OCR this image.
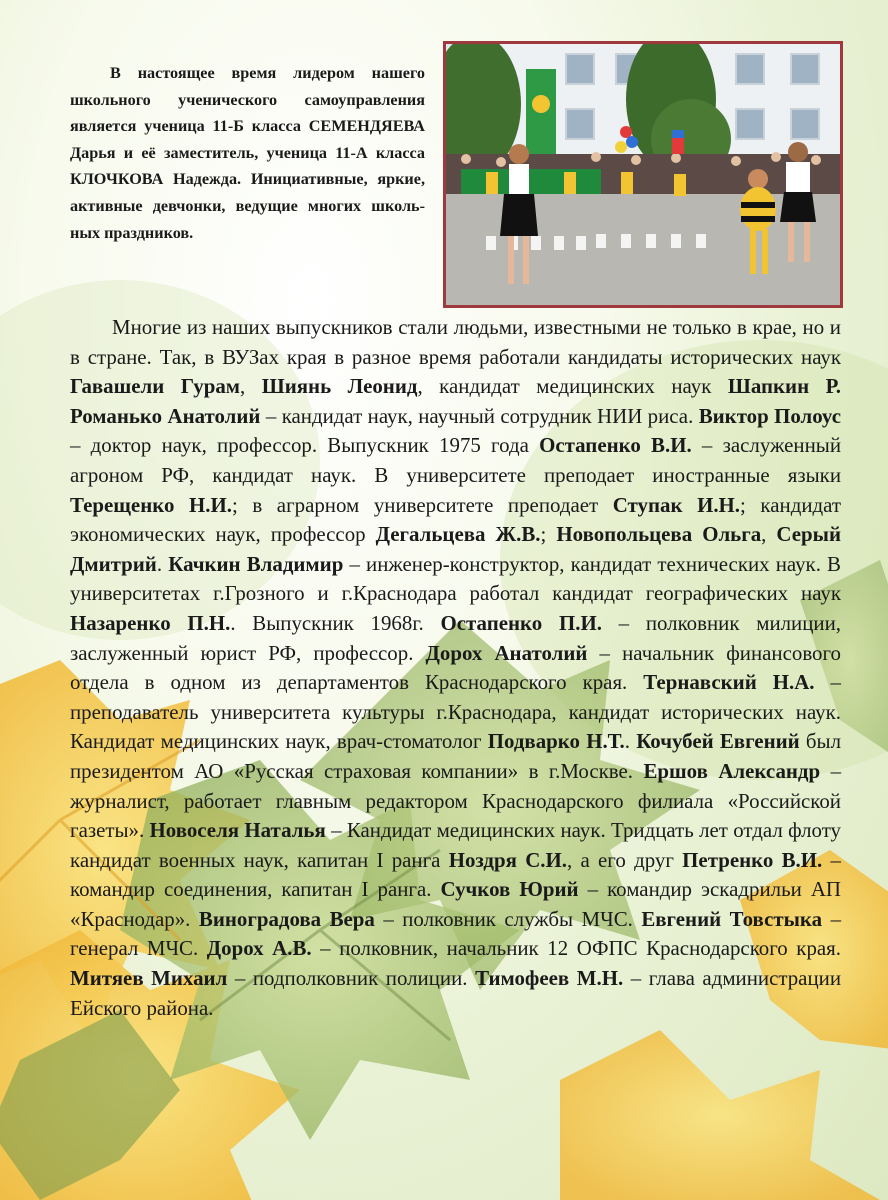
В настоящее время лидером нашего школьного ученического самоуправления является ученица 11-Б класса СЕМЕНДЯЕВА Дарья и её заместитель, ученица 11-А класса КЛОЧКОВА Надежда. Инициативные, яркие, активные девчонки, ведущие многих школьных праздников.

Многие из наших выпускников стали людьми, известными не только в крае, но и в стране. Так, в ВУЗах края в разное время работали кандидаты исторических наук Гавашели Гурам, Шиянь Леонид, кандидат медицинских наук Шапкин Р. Романько Анатолий – кандидат наук, научный сотрудник НИИ риса. Виктор Полоус – доктор наук, профессор. Выпускник 1975 года Остапенко В.И. – заслуженный агроном РФ, кандидат наук. В университете преподает иностранные языки Терещенко Н.И.; в аграрном университете преподает Ступак И.Н.; кандидат экономических наук, профессор Дегальцева Ж.В.; Новопольцева Ольга, Серый Дмитрий. Качкин Владимир – инженер-конструктор, кандидат технических наук. В университетах г.Грозного и г.Краснодара работал кандидат географических наук Назаренко П.Н.. Выпускник 1968г. Остапенко П.И. – полковник милиции, заслуженный юрист РФ, профессор. Дорох Анатолий – начальник финансового отдела в одном из департаментов Краснодарского края. Тернавский Н.А. – преподаватель университета культуры г.Краснодара, кандидат исторических наук. Кандидат медицинских наук, врач-стоматолог Подварко Н.Т.. Кочубей Евгений был президентом АО «Русская страховая компании» в г.Москве. Ершов Александр – журналист, работает главным редактором Краснодарского филиала «Российской газеты». Новоселя Наталья – Кандидат медицинских наук. Тридцать лет отдал флоту кандидат военных наук, капитан I ранга Ноздря С.И., а его друг Петренко В.И. – командир соединения, капитан I ранга. Сучков Юрий – командир эскадрильи АП «Краснодар». Виноградова Вера – полковник службы МЧС. Евгений Товстыка – генерал МЧС. Дорох А.В. – полковник, начальник 12 ОФПС Краснодарского края. Митяев Михаил – подполковник полиции. Тимофеев М.Н. – глава администрации Ейского района.
